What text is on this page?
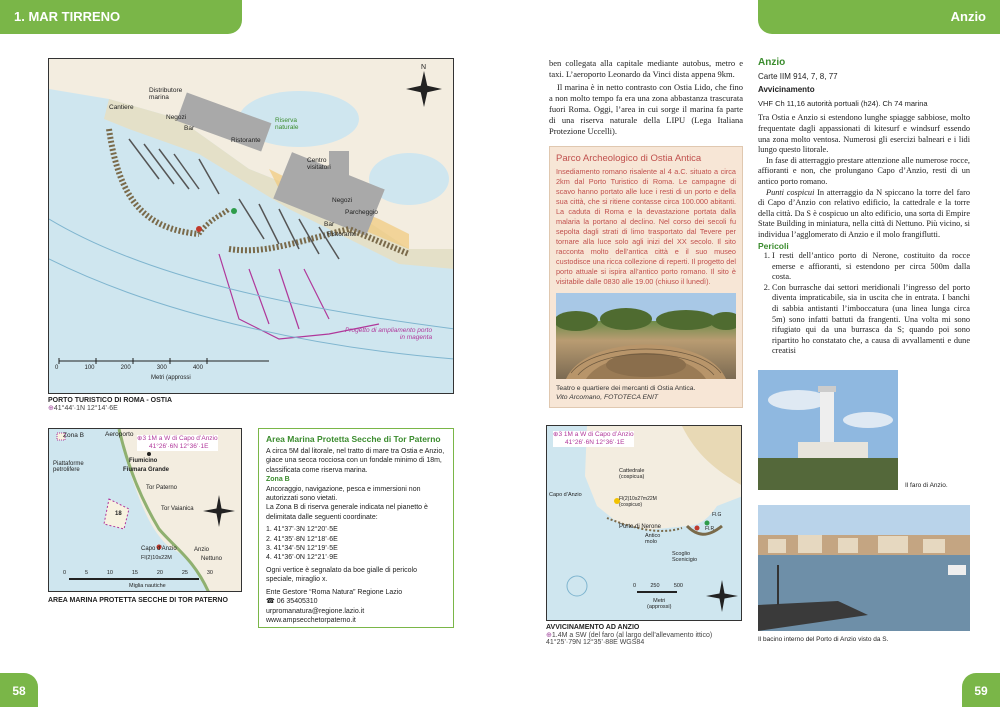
1. MAR TIRRENO	Anzio
N
Distributore
marina
Cantiere
Negozi
Bar
Ristorante
Riserva
naturale
Centro
visitatori
Negozi
Parcheggio
Bar
Ristorante
Progetto di ampliamento porto
in magenta
0	100	200	300	400
Metri (approssi
PORTO TURISTICO DI ROMA - OSTIA
⊕41°44’·1N 12°14’·6E

ben collegata alla capitale mediante autobus, metro e taxi. L’aeroporto Leonardo da Vinci dista appena 9km.

Il marina è in netto contrasto con Ostia Lido, che fino a non molto tempo fa era una zona abbastanza trascurata fuori Roma. Oggi, l’area in cui sorge il marina fa parte di una riserva naturale della LIPU (Lega Italiana Protezione Uccelli).

Parco Archeologico di Ostia Antica
Insediamento romano risalente al 4 a.C. situato a circa 2km dal Porto Turistico di Roma. Le campagne di scavo hanno portato alle luce i resti di un porto e della sua città, che si ritiene contasse circa 100.000 abitanti. La caduta di Roma e la devastazione portata dalla malaria la portano al declino. Nel corso dei secoli fu sepolta dagli strati di limo trasportato dal Tevere per tornare alla luce solo agli inizi del XX secolo. Il sito racconta molto dell’antica città e il suo museo custodisce una ricca collezione di reperti. Il progetto del porto attuale si ispira all’antico porto romano. Il sito è visitabile dalle 0830 alle 19.00 (chiuso il lunedì).
Teatro e quartiere dei mercanti di Ostia Antica.
Vito Arcomano, FOTOTECA ENIT
Zona B	Aeroporto
Piattaforme
petrolifere
Fiumicino
Fiumara Grande
Tor Paterno
18
Tor Vaianica
Capo d’Anzio	Anzio
Fl(2)10s22M	Nettuno
⊕3 1M a W di Capo d’Anzio
41°26’·6N 12°36’·1E
0	5	10	15	20	25	30
Miglia nautiche
AREA MARINA PROTETTA SECCHE DI TOR PATERNO
Area Marina Protetta Secche di Tor Paterno
A circa 5M dal litorale, nel tratto di mare tra Ostia e Anzio, giace una secca rocciosa con un fondale minimo di 18m, classificata come riserva marina.
Zona B
Ancoraggio, navigazione, pesca e immersioni non autorizzati sono vietati.
La Zona B di riserva generale indicata nel pianetto è delimitata dalle seguenti coordinate:
1. 41°37’·3N 12°20’·5E
2. 41°35’·8N 12°18’·6E
3. 41°34’·5N 12°19’·5E
4. 41°36’·0N 12°21’·9E
Ogni vertice è segnalato da boe gialle di pericolo speciale, miraglio x.
Ente Gestore “Roma Natura” Regione Lazio
☎ 06 35405310
urpromanatura@regione.lazio.it
www.ampsecchetorpaterno.it
⊕3 1M a W di Capo d’Anzio
41°26’·6N 12°36’·1E
Cattedrale
(cospicua)
Capo d’Anzio
Fl(2)10s27m22M
(cospicuo)
Porto di Nerone
Antico
molo
Scoglio
Scenicigio
Fl.G
Fl.R
0	250	500
Metri
(approssi)
AVVICINAMENTO AD ANZIO
⊕1.4M a SW (del faro (al largo dell’allevamento ittico)
41°25’·79N 12°35’·88E WGS84
Anzio
Carte IIM 914, 7, 8, 77
Avvicinamento
VHF Ch 11,16 autorità portuali (h24). Ch 74 marina

Tra Ostia e Anzio si estendono lunghe spiagge sabbiose, molto frequentate dagli appassionati di kitesurf e windsurf essendo una zona molto ventosa. Numerosi gli esercizi balneari e i lidi lungo questo litorale.

In fase di atterraggio prestare attenzione alle numerose rocce, affioranti e non, che prolungano Capo d’Anzio, resti di un antico porto romano.

Punti cospicui In atterraggio da N spiccano la torre del faro di Capo d’Anzio con relativo edificio, la cattedrale e la torre della città. Da S è cospicuo un alto edificio, una sorta di Empire State Building in miniatura, nella città di Nettuno. Più vicino, si individua l’agglomerato di Anzio e il molo frangiflutti.

Pericoli
1. I resti dell’antico porto di Nerone, costituito da rocce emerse e affioranti, si estendono per circa 500m dalla costa.
2. Con burrasche dai settori meridionali l’ingresso del porto diventa impraticabile, sia in uscita che in entrata. I banchi di sabbia antistanti l’imboccatura (una linea lunga circa 5m) sono infatti battuti da frangenti. Una volta mi sono rifugiato qui da una burrasca da S; quando poi sono ripartito ho constatato che, a causa di avvallamenti e dune creatisi
Il faro di Anzio.
Il bacino interno del Porto di Anzio visto da S.
58	59
